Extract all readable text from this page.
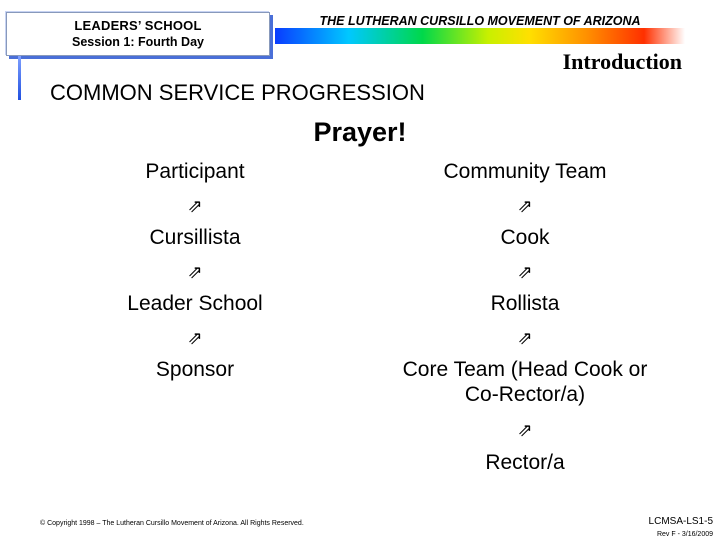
LEADERS’ SCHOOL
Session 1: Fourth Day
THE LUTHERAN CURSILLO MOVEMENT OF ARIZONA
Introduction
COMMON SERVICE PROGRESSION
Prayer!
Participant
⇗
Cursillista
⇗
Leader School
⇗
Sponsor
Community Team
⇗
Cook
⇗
Rollista
⇗
Core Team (Head Cook or
Co-Rector/a)
⇗
Rector/a
© Copyright 1998 – The Lutheran Cursillo Movement of Arizona. All Rights Reserved.	LCMSA-LS1-5
Rev F - 3/16/2009
